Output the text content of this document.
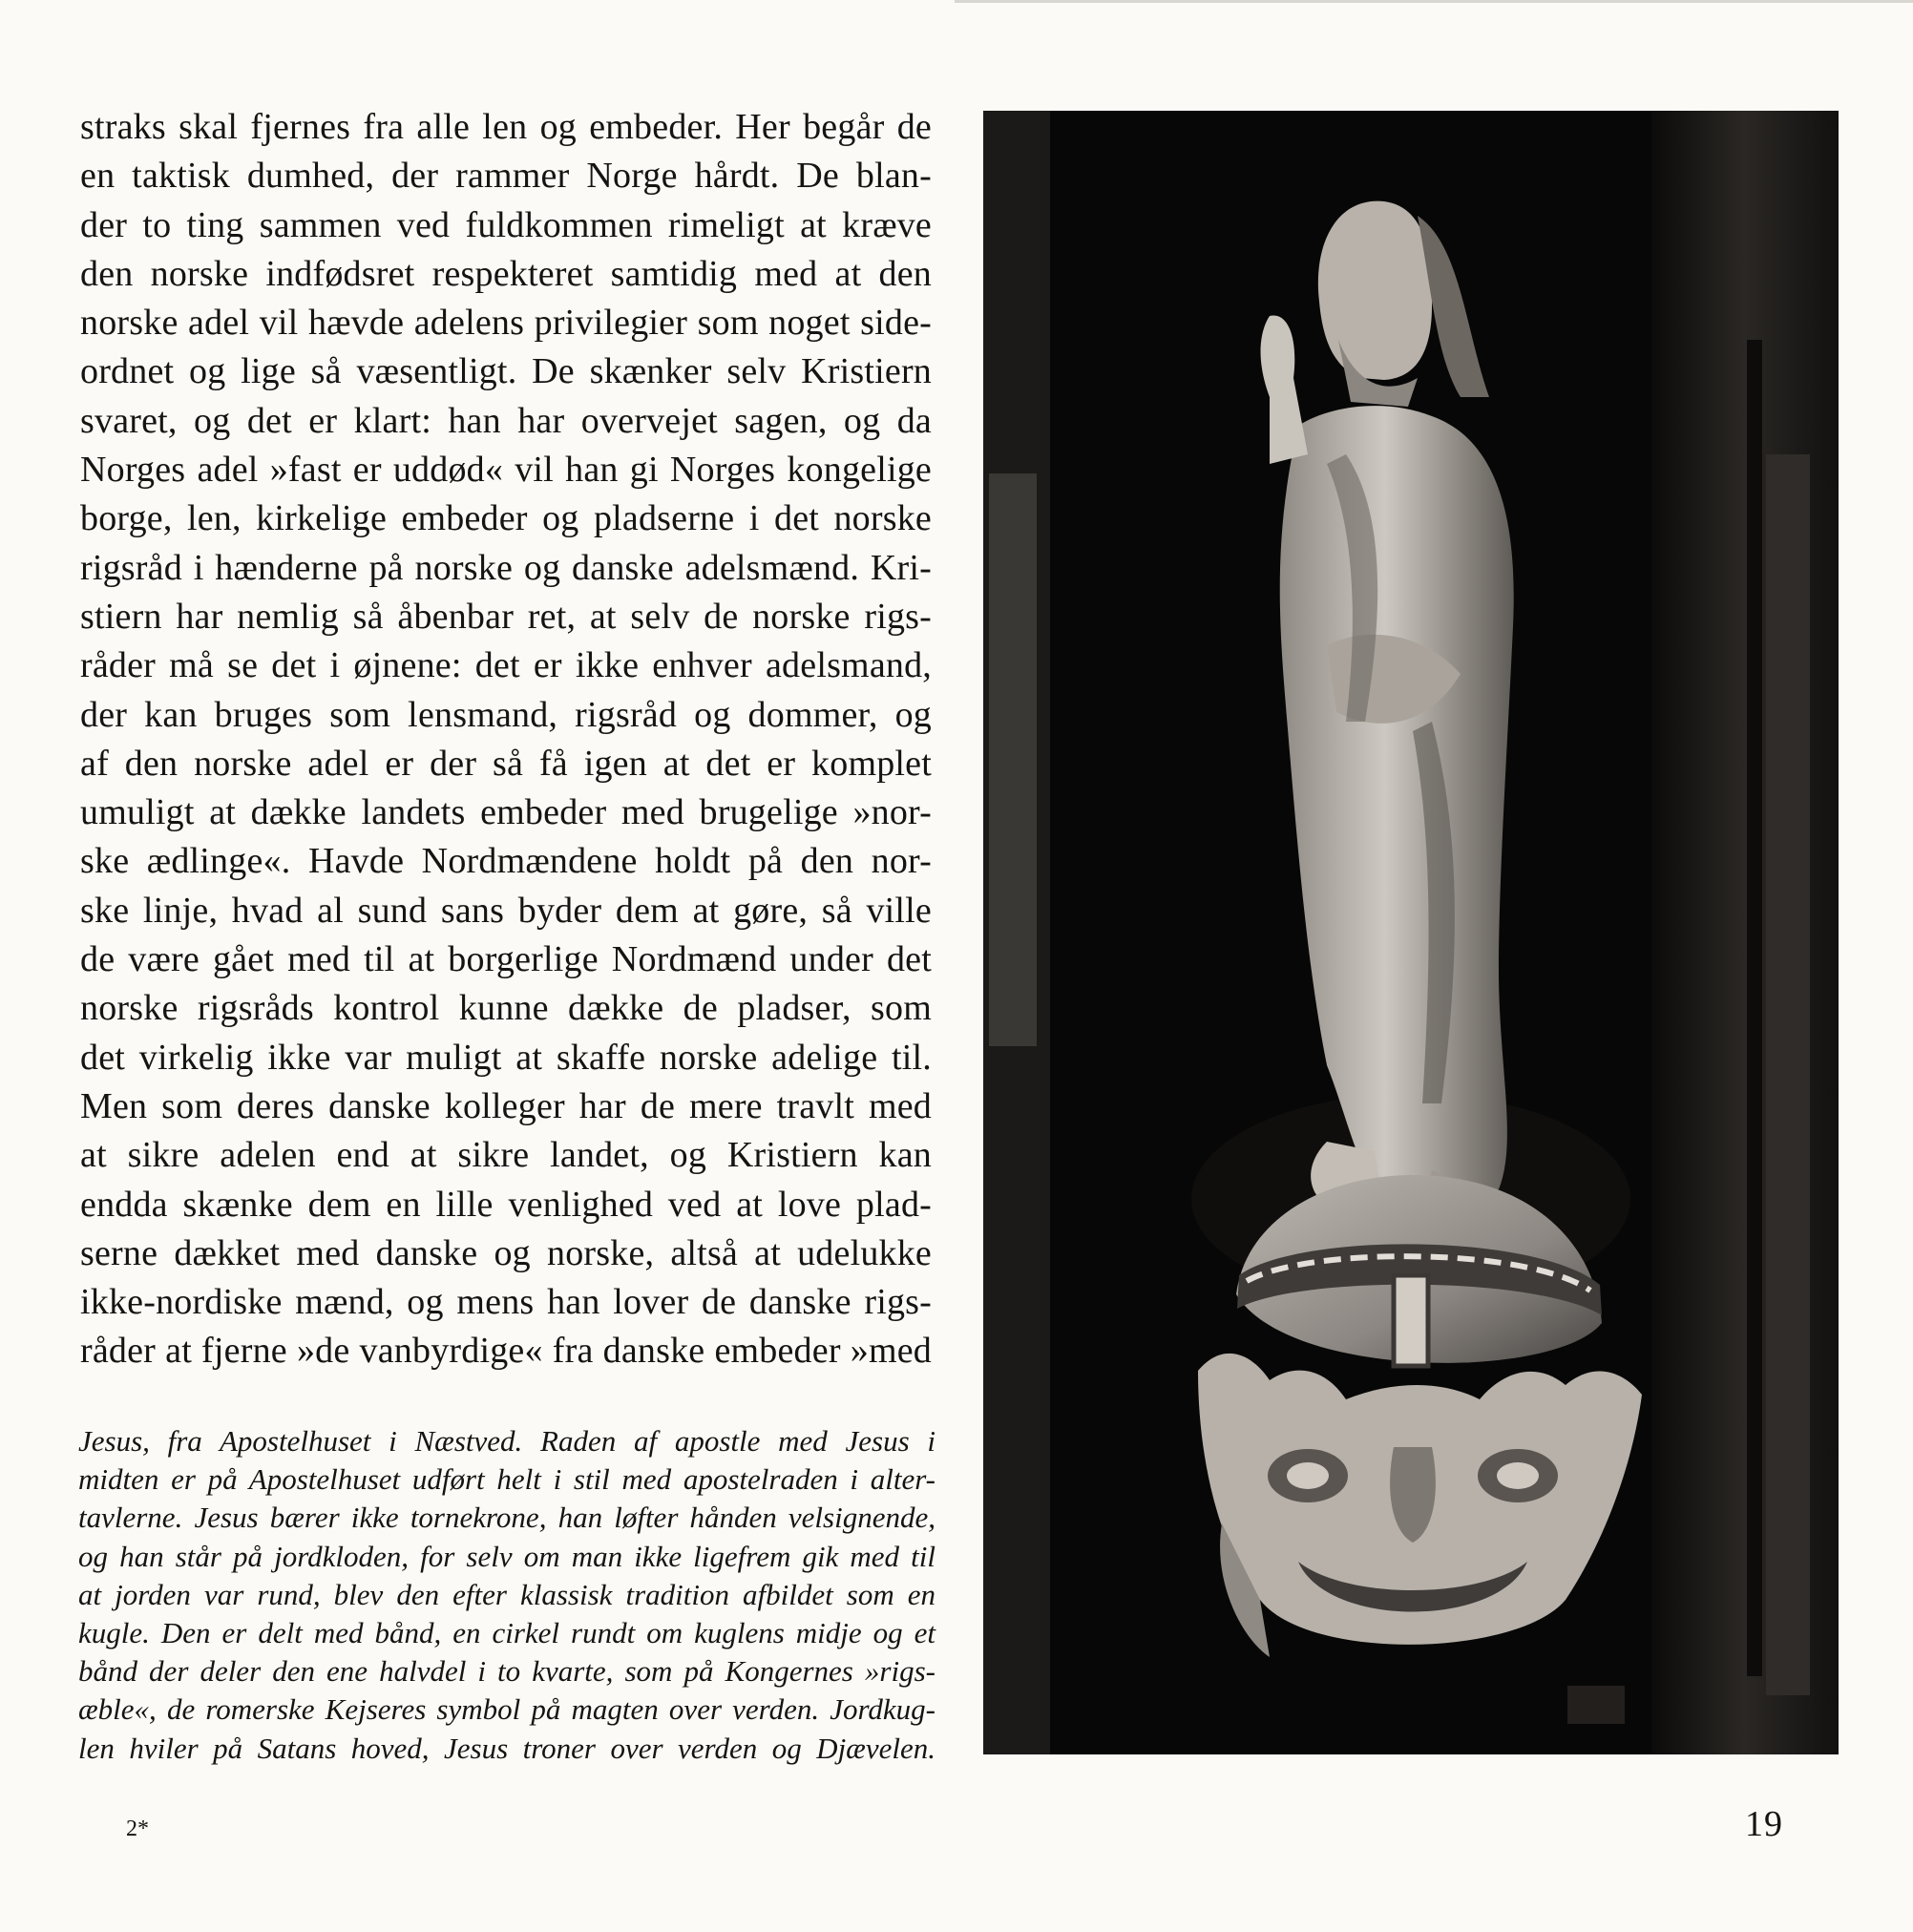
straks skal fjernes fra alle len og embeder. Her begår de
en taktisk dumhed, der rammer Norge hårdt. De blan-
der to ting sammen ved fuldkommen rimeligt at kræve
den norske indfødsret respekteret samtidig med at den
norske adel vil hævde adelens privilegier som noget side-
ordnet og lige så væsentligt. De skænker selv Kristiern
svaret, og det er klart: han har overvejet sagen, og da
Norges adel »fast er uddød« vil han gi Norges kongelige
borge, len, kirkelige embeder og pladserne i det norske
rigsråd i hænderne på norske og danske adelsmænd. Kri-
stiern har nemlig så åbenbar ret, at selv de norske rigs-
råder må se det i øjnene: det er ikke enhver adelsmand,
der kan bruges som lensmand, rigsråd og dommer, og
af den norske adel er der så få igen at det er komplet
umuligt at dække landets embeder med brugelige »nor-
ske ædlinge«. Havde Nordmændene holdt på den nor-
ske linje, hvad al sund sans byder dem at gøre, så ville
de være gået med til at borgerlige Nordmænd under det
norske rigsråds kontrol kunne dække de pladser, som
det virkelig ikke var muligt at skaffe norske adelige til.
Men som deres danske kolleger har de mere travlt med
at sikre adelen end at sikre landet, og Kristiern kan
endda skænke dem en lille venlighed ved at love plad-
serne dækket med danske og norske, altså at udelukke
ikke-nordiske mænd, og mens han lover de danske rigs-
råder at fjerne »de vanbyrdige« fra danske embeder »med
Jesus, fra Apostelhuset i Næstved. Raden af apostle med Jesus i
midten er på Apostelhuset udført helt i stil med apostelraden i alter-
tavlerne. Jesus bærer ikke tornekrone, han løfter hånden velsignende,
og han står på jordkloden, for selv om man ikke ligefrem gik med til
at jorden var rund, blev den efter klassisk tradition afbildet som en
kugle. Den er delt med bånd, en cirkel rundt om kuglens midje og et
bånd der deler den ene halvdel i to kvarte, som på Kongernes »rigs-
æble«, de romerske Kejseres symbol på magten over verden. Jordkug-
len hviler på Satans hoved, Jesus troner over verden og Djævelen.
2*	19
